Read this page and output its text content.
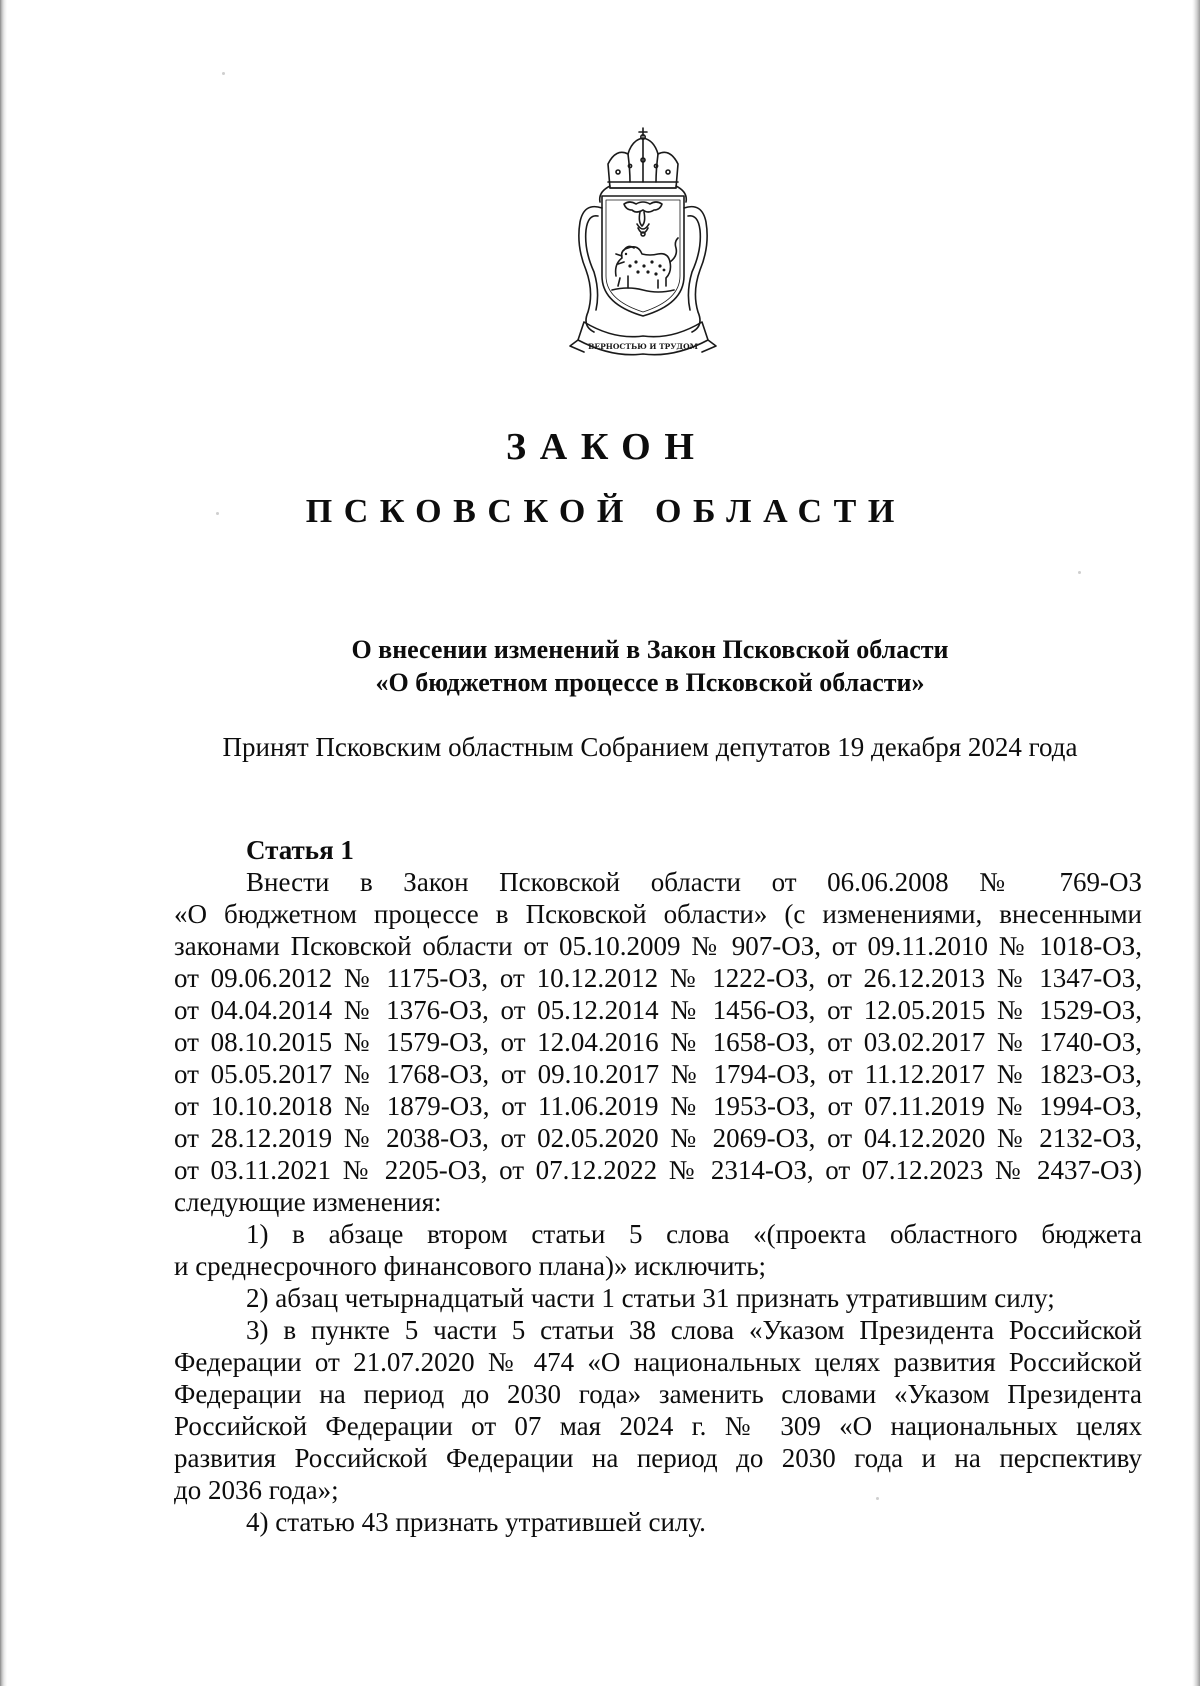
ВЕРНОСТЬЮ И ТРУДОМ
ЗАКОН
ПСКОВСКОЙ ОБЛАСТИ
О внесении изменений в Закон Псковской области
«О бюджетном процессе в Псковской области»
Принят Псковским областным Собранием депутатов 19 декабря 2024 года
Статья 1
Внести в Закон Псковской области от 06.06.2008 № 769-ОЗ
«О бюджетном процессе в Псковской области» (с изменениями, внесенными
законами Псковской области от 05.10.2009 № 907-ОЗ, от 09.11.2010 № 1018-ОЗ,
от 09.06.2012 № 1175-ОЗ, от 10.12.2012 № 1222-ОЗ, от 26.12.2013 № 1347-ОЗ,
от 04.04.2014 № 1376-ОЗ, от 05.12.2014 № 1456-ОЗ, от 12.05.2015 № 1529-ОЗ,
от 08.10.2015 № 1579-ОЗ, от 12.04.2016 № 1658-ОЗ, от 03.02.2017 № 1740-ОЗ,
от 05.05.2017 № 1768-ОЗ, от 09.10.2017 № 1794-ОЗ, от 11.12.2017 № 1823-ОЗ,
от 10.10.2018 № 1879-ОЗ, от 11.06.2019 № 1953-ОЗ, от 07.11.2019 № 1994-ОЗ,
от 28.12.2019 № 2038-ОЗ, от 02.05.2020 № 2069-ОЗ, от 04.12.2020 № 2132-ОЗ,
от 03.11.2021 № 2205-ОЗ, от 07.12.2022 № 2314-ОЗ, от 07.12.2023 № 2437-ОЗ)
следующие изменения:
1) в абзаце втором статьи 5 слова «(проекта областного бюджета
и среднесрочного финансового плана)» исключить;
2) абзац четырнадцатый части 1 статьи 31 признать утратившим силу;
3) в пункте 5 части 5 статьи 38 слова «Указом Президента Российской
Федерации от 21.07.2020 № 474 «О национальных целях развития Российской
Федерации на период до 2030 года» заменить словами «Указом Президента
Российской Федерации от 07 мая 2024 г. № 309 «О национальных целях
развития Российской Федерации на период до 2030 года и на перспективу
до 2036 года»;
4) статью 43 признать утратившей силу.
